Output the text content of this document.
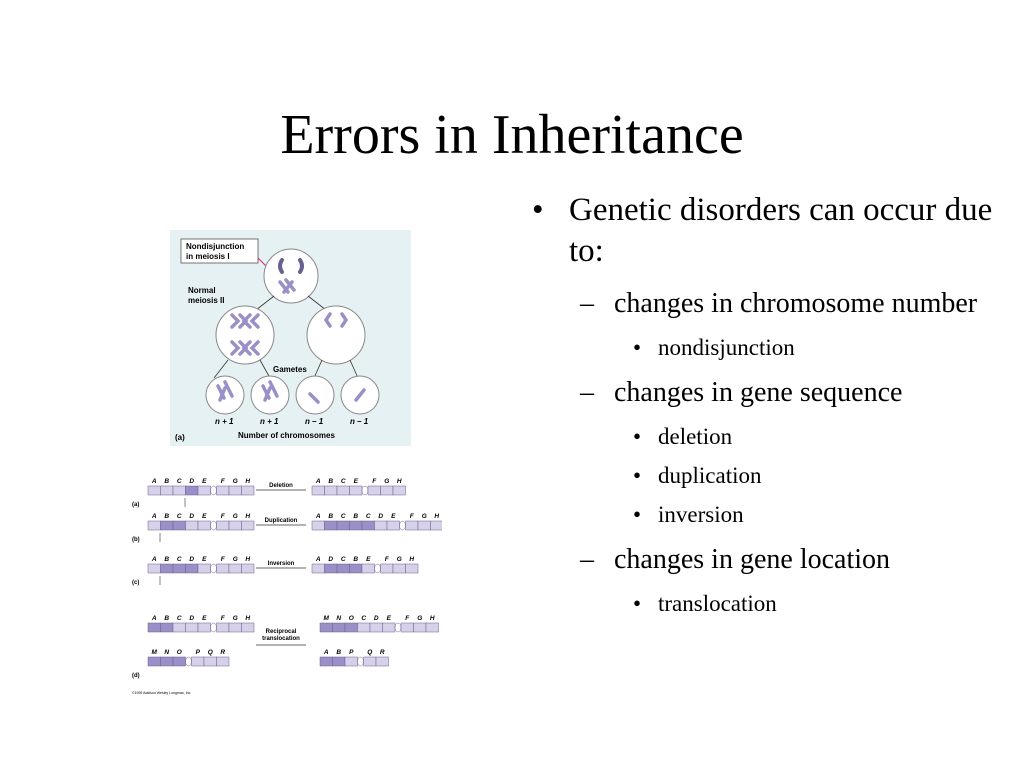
Errors in Inheritance
Nondisjunction
in meiosis I
Normal
meiosis II
Gametes
n + 1	n + 1	n – 1	n – 1
(a)	Number of chromosomes
A B C D E F G H
(a)
Deletion
A B C E F G H
A B C D E F G H
(b)
Duplication
A B C B C D E F G H
A B C D E F G H
(c)
Inversion
A D C B E F G H
A B C D E F G H
M N O P Q R
(d)
Reciprocal
translocation
M N O C D E F G H
A B P Q R
©1999 Addison Wesley Longman, Inc.
• Genetic disorders can occur due to:
– changes in chromosome number
• nondisjunction
– changes in gene sequence
• deletion
• duplication
• inversion
– changes in gene location
• translocation
